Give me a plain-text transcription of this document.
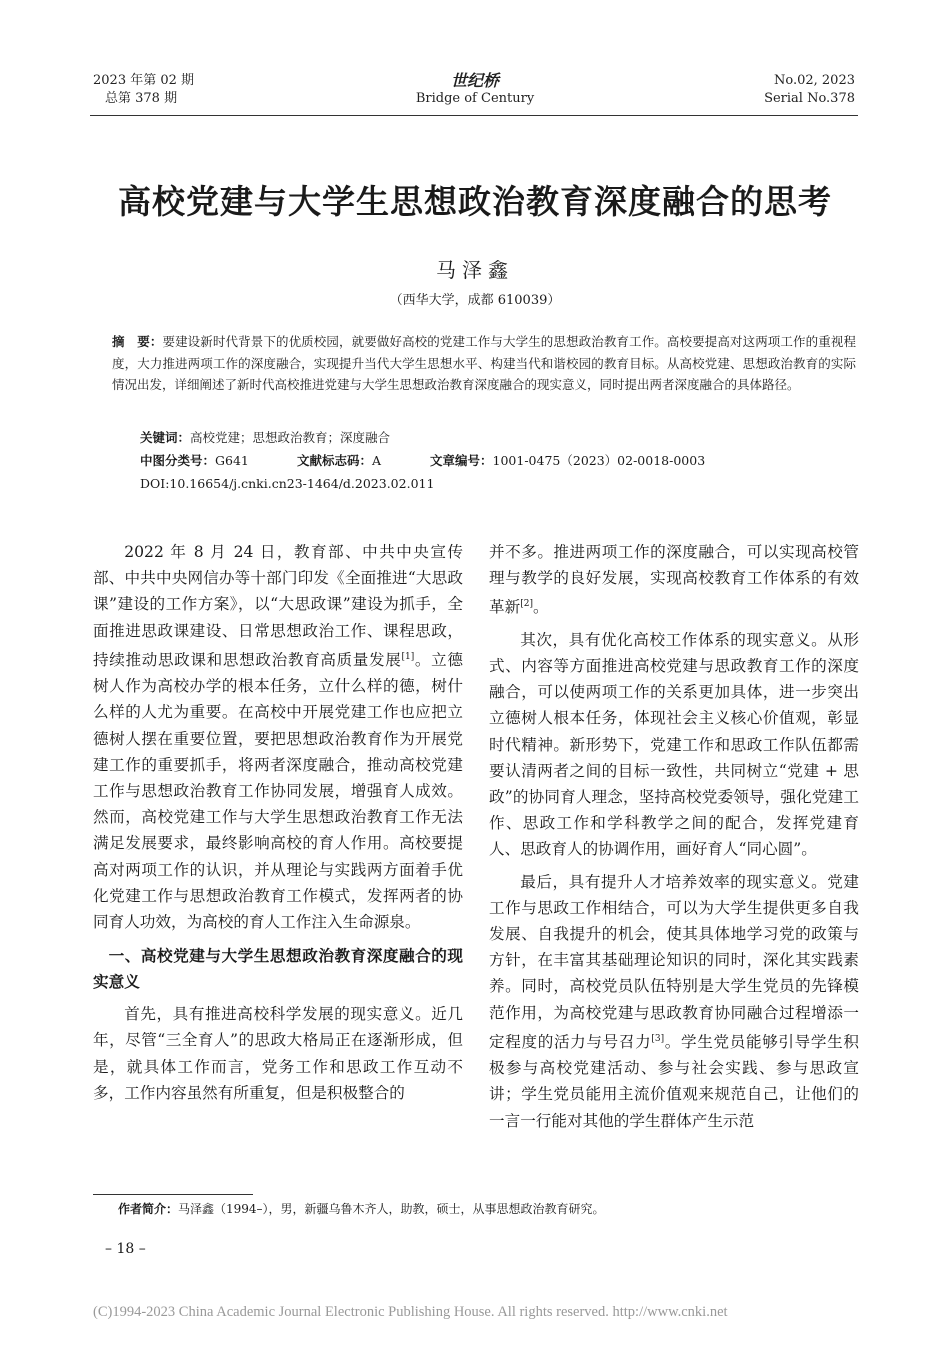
2023 年第 02 期
总第 378 期
世纪桥
Bridge of Century
No.02, 2023
Serial No.378
高校党建与大学生思想政治教育深度融合的思考
马泽鑫
（西华大学，成都 610039）
摘　要：要建设新时代背景下的优质校园，就要做好高校的党建工作与大学生的思想政治教育工作。高校要提高对这两项工作的重视程度，大力推进两项工作的深度融合，实现提升当代大学生思想水平、构建当代和谐校园的教育目标。从高校党建、思想政治教育的实际情况出发，详细阐述了新时代高校推进党建与大学生思想政治教育深度融合的现实意义，同时提出两者深度融合的具体路径。
关键词：高校党建；思想政治教育；深度融合
中图分类号：G641	文献标志码：A	文章编号：1001-0475（2023）02-0018-0003
DOI:10.16654/j.cnki.cn23-1464/d.2023.02.011

2022 年 8 月 24 日，教育部、中共中央宣传部、中共中央网信办等十部门印发《全面推进“大思政课”建设的工作方案》，以“大思政课”建设为抓手，全面推进思政课建设、日常思想政治工作、课程思政，持续推动思政课和思想政治教育高质量发展[1]。立德树人作为高校办学的根本任务，立什么样的德，树什么样的人尤为重要。在高校中开展党建工作也应把立德树人摆在重要位置，要把思想政治教育作为开展党建工作的重要抓手，将两者深度融合，推动高校党建工作与思想政治教育工作协同发展，增强育人成效。然而，高校党建工作与大学生思想政治教育工作无法满足发展要求，最终影响高校的育人作用。高校要提高对两项工作的认识，并从理论与实践两方面着手优化党建工作与思想政治教育工作模式，发挥两者的协同育人功效，为高校的育人工作注入生命源泉。

一、高校党建与大学生思想政治教育深度融合的现实意义

首先，具有推进高校科学发展的现实意义。近几年，尽管“三全育人”的思政大格局正在逐渐形成，但是，就具体工作而言，党务工作和思政工作互动不多，工作内容虽然有所重复，但是积极整合的

并不多。推进两项工作的深度融合，可以实现高校管理与教学的良好发展，实现高校教育工作体系的有效革新[2]。

其次，具有优化高校工作体系的现实意义。从形式、内容等方面推进高校党建与思政教育工作的深度融合，可以使两项工作的关系更加具体，进一步突出立德树人根本任务，体现社会主义核心价值观，彰显时代精神。新形势下，党建工作和思政工作队伍都需要认清两者之间的目标一致性，共同树立“党建 + 思政”的协同育人理念，坚持高校党委领导，强化党建工作、思政工作和学科教学之间的配合，发挥党建育人、思政育人的协调作用，画好育人“同心圆”。

最后，具有提升人才培养效率的现实意义。党建工作与思政工作相结合，可以为大学生提供更多自我发展、自我提升的机会，使其具体地学习党的政策与方针，在丰富其基础理论知识的同时，深化其实践素养。同时，高校党员队伍特别是大学生党员的先锋模范作用，为高校党建与思政教育协同融合过程增添一定程度的活力与号召力[3]。学生党员能够引导学生积极参与高校党建活动、参与社会实践、参与思政宣讲；学生党员能用主流价值观来规范自己，让他们的一言一行能对其他的学生群体产生示范

作者简介：马泽鑫（1994–），男，新疆乌鲁木齐人，助教，硕士，从事思想政治教育研究。
– 18 –
(C)1994-2023 China Academic Journal Electronic Publishing House. All rights reserved. http://www.cnki.net
